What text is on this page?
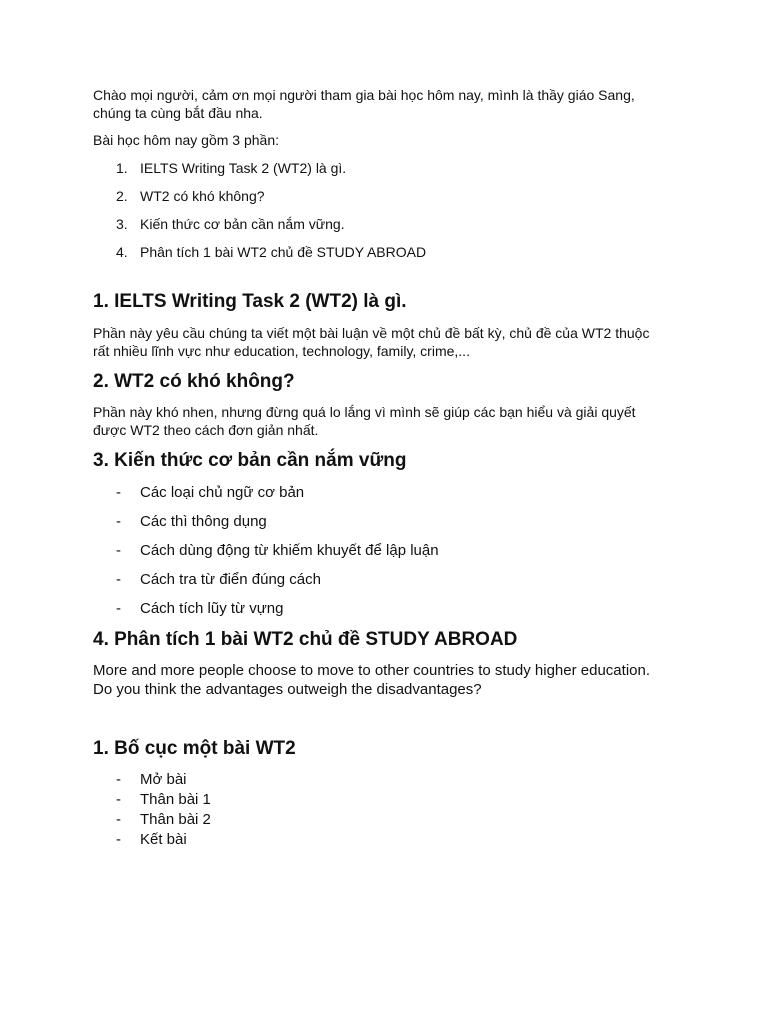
Chào mọi người, cảm ơn mọi người tham gia bài học hôm nay, mình là thầy giáo Sang,

chúng ta cùng bắt đầu nha.

Bài học hôm nay gồm 3 phần:

1. IELTS Writing Task 2 (WT2) là gì.
2. WT2 có khó không?
3. Kiến thức cơ bản cần nắm vững.
4. Phân tích 1 bài WT2 chủ đề STUDY ABROAD
1. IELTS Writing Task 2 (WT2) là gì.

Phần này yêu cầu chúng ta viết một bài luận về một chủ đề bất kỳ, chủ đề của WT2 thuộc

rất nhiều lĩnh vực như education, technology, family, crime,...

2. WT2 có khó không?

Phần này khó nhen, nhưng đừng quá lo lắng vì mình sẽ giúp các bạn hiểu và giải quyết

được WT2 theo cách đơn giản nhất.

3. Kiến thức cơ bản cần nắm vững
- Các loại chủ ngữ cơ bản
- Các thì thông dụng
- Cách dùng động từ khiếm khuyết để lập luận
- Cách tra từ điển đúng cách
- Cách tích lũy từ vựng
4. Phân tích 1 bài WT2 chủ đề STUDY ABROAD

More and more people choose to move to other countries to study higher education.

Do you think the advantages outweigh the disadvantages?

1. Bố cục một bài WT2
- Mở bài
- Thân bài 1
- Thân bài 2
- Kết bài
